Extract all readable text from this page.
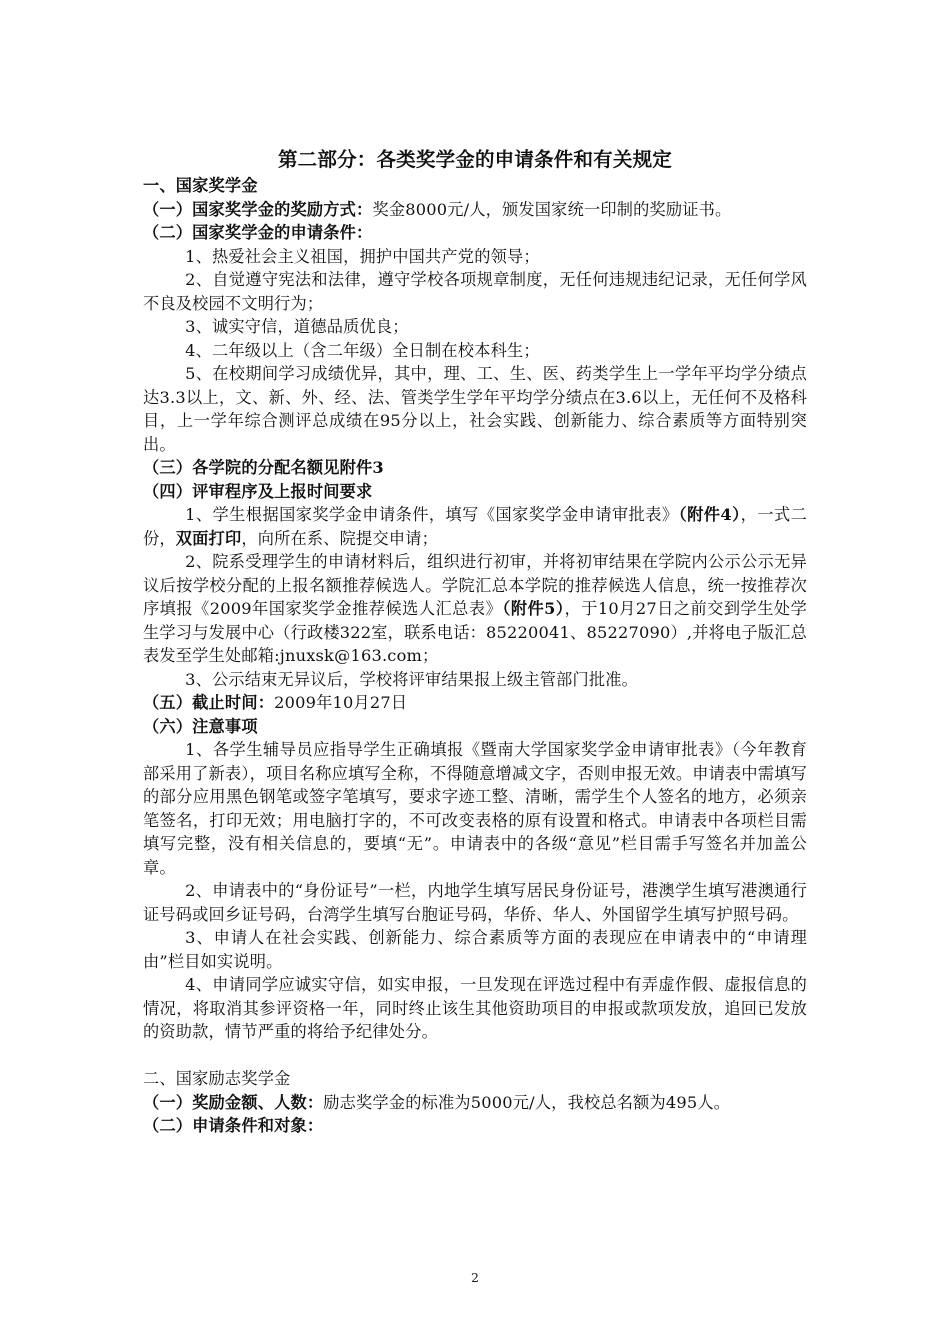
第二部分：各类奖学金的申请条件和有关规定

一、国家奖学金

（一）国家奖学金的奖励方式：奖金8000元/人，颁发国家统一印制的奖励证书。

（二）国家奖学金的申请条件：

1、热爱社会主义祖国，拥护中国共产党的领导；

2、自觉遵守宪法和法律，遵守学校各项规章制度，无任何违规违纪记录，无任何学风不良及校园不文明行为；

3、诚实守信，道德品质优良；

4、二年级以上（含二年级）全日制在校本科生；

5、在校期间学习成绩优异，其中，理、工、生、医、药类学生上一学年平均学分绩点达3.3以上，文、新、外、经、法、管类学生学年平均学分绩点在3.6以上，无任何不及格科目，上一学年综合测评总成绩在95分以上，社会实践、创新能力、综合素质等方面特别突出。

（三）各学院的分配名额见附件3

（四）评审程序及上报时间要求

1、学生根据国家奖学金申请条件，填写《国家奖学金申请审批表》（附件4），一式二份，双面打印，向所在系、院提交申请；

2、院系受理学生的申请材料后，组织进行初审，并将初审结果在学院内公示公示无异议后按学校分配的上报名额推荐候选人。学院汇总本学院的推荐候选人信息，统一按推荐次序填报《2009年国家奖学金推荐候选人汇总表》（附件5），于10月27日之前交到学生处学生学习与发展中心（行政楼322室，联系电话：85220041、85227090）,并将电子版汇总表发至学生处邮箱:jnuxsk@163.com；

3、公示结束无异议后，学校将评审结果报上级主管部门批准。

（五）截止时间：2009年10月27日

（六）注意事项

1、各学生辅导员应指导学生正确填报《暨南大学国家奖学金申请审批表》（今年教育部采用了新表），项目名称应填写全称，不得随意增减文字，否则申报无效。申请表中需填写的部分应用黑色钢笔或签字笔填写，要求字迹工整、清晰，需学生个人签名的地方，必须亲笔签名，打印无效；用电脑打字的，不可改变表格的原有设置和格式。申请表中各项栏目需填写完整，没有相关信息的，要填“无”。申请表中的各级“意见”栏目需手写签名并加盖公章。

2、申请表中的“身份证号”一栏，内地学生填写居民身份证号，港澳学生填写港澳通行证号码或回乡证号码，台湾学生填写台胞证号码，华侨、华人、外国留学生填写护照号码。

3、申请人在社会实践、创新能力、综合素质等方面的表现应在申请表中的“申请理由”栏目如实说明。

4、申请同学应诚实守信，如实申报，一旦发现在评选过程中有弄虚作假、虚报信息的情况，将取消其参评资格一年，同时终止该生其他资助项目的申报或款项发放，追回已发放的资助款，情节严重的将给予纪律处分。

二、国家励志奖学金

（一）奖励金额、人数：励志奖学金的标准为5000元/人，我校总名额为495人。

（二）申请条件和对象：

2
